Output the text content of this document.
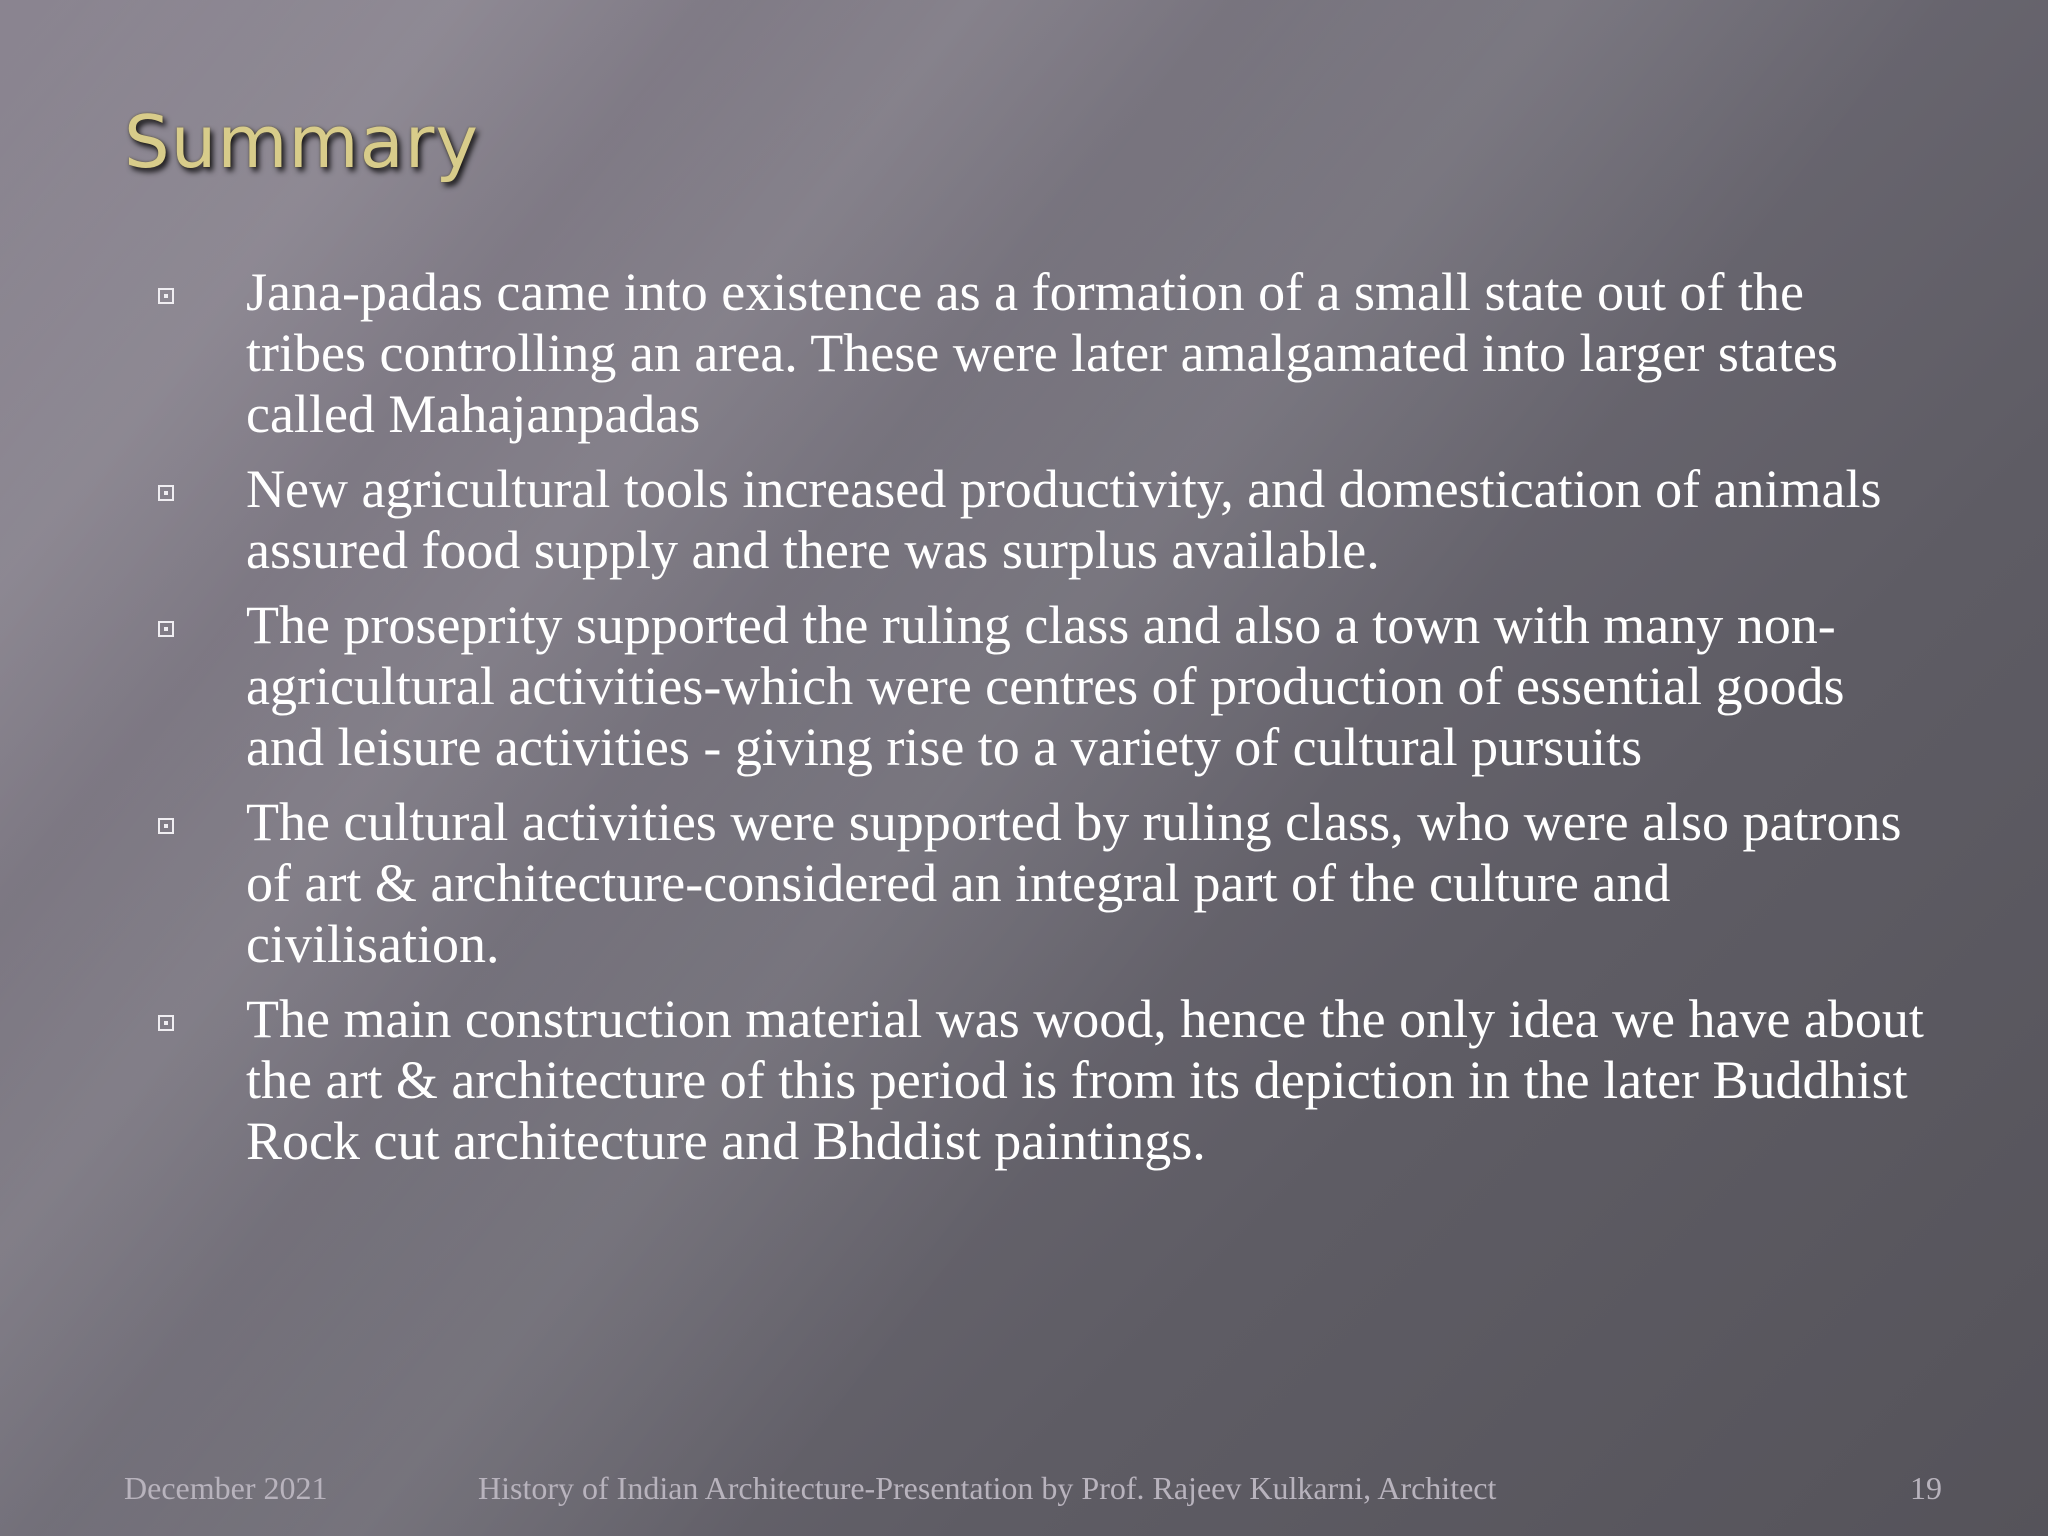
Summary
Jana-padas came into existence as a formation of a small state out of the tribes controlling an area. These were later amalgamated into larger states called Mahajanpadas
New agricultural tools increased productivity, and domestication of animals assured food supply and there was surplus available.
The proseprity supported the ruling class and also a town with many non-agricultural activities-which were centres of production of essential goods and leisure activities - giving rise to a variety of cultural pursuits
The cultural activities were supported by ruling class, who were also patrons of art & architecture-considered an integral part of the culture and civilisation.
The main construction material was wood, hence the only idea we have about the art & architecture of this period is from its depiction in the later Buddhist Rock cut architecture and Bhddist paintings.
December 2021	History of Indian Architecture-Presentation by Prof. Rajeev Kulkarni, Architect	19
